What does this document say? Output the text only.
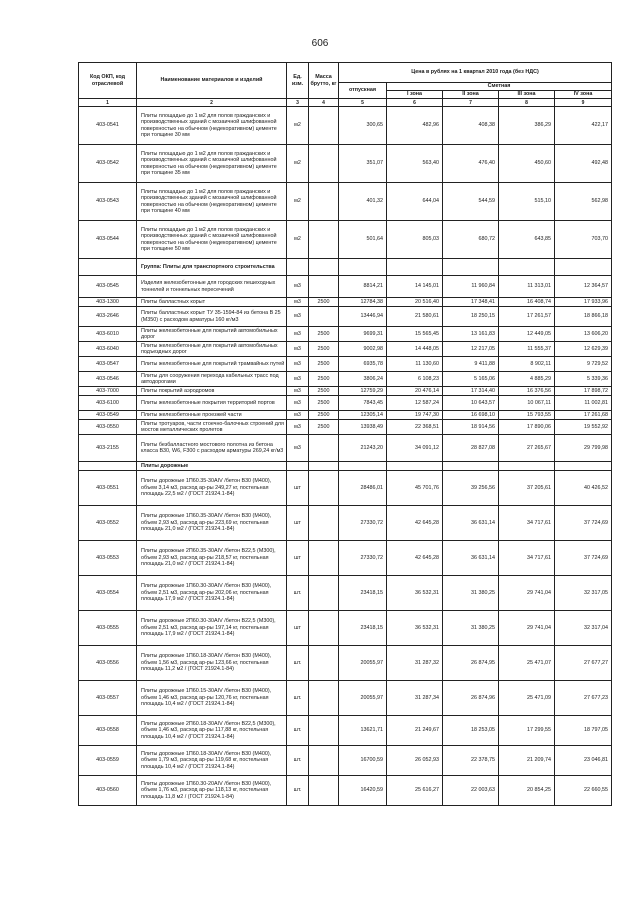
606
Код ОКП, код отраслевой	Наименование материалов и изделий	Ед. изм.	Масса брутто, кг	Цена в рублях на 1 квартал 2010 года (без НДС)				
				отпускная	Сметная			
					I зона	II зона	III зона	IV зона
1	2	3	4	5	6	7	8	9
403-0541	Плиты площадью до 1 м2 для полов гражданских и производственных зданий с мозаичной шлифованной поверхностью на обычном (недекоративном) цементе при толщине 30 мм	м2		300,65	482,96	408,38	386,29	422,17
403-0542	Плиты площадью до 1 м2 для полов гражданских и производственных зданий с мозаичной шлифованной поверхностью на обычном (недекоративном) цементе при толщине 35 мм	м2		351,07	563,40	476,40	450,60	492,48
403-0543	Плиты площадью до 1 м2 для полов гражданских и производственных зданий с мозаичной шлифованной поверхностью на обычном (недекоративном) цементе при толщине 40 мм	м2		401,32	644,04	544,59	515,10	562,98
403-0544	Плиты площадью до 1 м2 для полов гражданских и производственных зданий с мозаичной шлифованной поверхностью на обычном (недекоративном) цементе при толщине 50 мм	м2		501,64	805,03	680,72	643,85	703,70
	Группа: Плиты для транспортного строительства							
403-0545	Изделия железобетонные для городских пешеходных тоннелей и тоннельных пересечений	м3		8814,21	14 145,01	11 960,84	11 313,01	12 364,57
403-1300	Плиты балластных корыт	м3	2500	12784,38	20 516,40	17 348,41	16 408,74	17 933,96
403-2646	Плиты балластных корыт ТУ 35-1594-84 из бетона В 25 (М350) с расходом арматуры 160 кг/м3	м3		13446,94	21 580,61	18 250,15	17 261,57	18 866,18
403-6010	Плиты железобетонные для покрытий автомобильных дорог	м3	2500	9699,31	15 565,45	13 161,83	12 449,05	13 606,20
403-6040	Плиты железобетонные для покрытий автомобильных подъездных дорог	м3	2500	9002,98	14 448,05	12 217,05	11 555,37	12 629,39
403-0547	Плиты железобетонные для покрытий трамвайных путей	м3	2500	6935,78	11 130,60	9 411,88	8 902,11	9 729,52
403-0546	Плиты для сооружения перехода кабельных трасс под автодорогами	м3	2500	3806,24	6 108,23	5 165,06	4 885,29	5 339,36
403-7000	Плиты покрытий аэродромов	м3	2500	12759,29	20 476,14	17 314,40	16 376,56	17 898,72
403-6100	Плиты железобетонные покрытия территорий портов	м3	2500	7843,45	12 587,24	10 643,57	10 067,11	11 002,81
403-0549	Плиты железобетонные проезжей части	м3	2500	12305,14	19 747,30	16 698,10	15 793,55	17 261,68
403-0550	Плиты тротуаров, части стоечно-балочных строений для мостов металлических пролетов	м3	2500	13938,49	22 368,51	18 914,56	17 890,06	19 552,92
403-2155	Плиты безбалластного мостового полотна из бетона класса В30, W6, F300 с расходом арматуры 269,24 кг/м3	м3		21243,20	34 091,12	28 827,08	27 265,67	29 799,98
	Плиты дорожные							
403-0551	Плиты дорожные 1П60.35-30АIV /бетон В30 (М400), объем 3,14 м3, расход ар-ры 249,27 кг, постельная площадь 22,5 м2 / (ГОСТ 21924.1-84)	шт		28486,01	45 701,76	39 256,56	37 205,61	40 426,52
403-0552	Плиты дорожные 1П60.35-30АIV /бетон В30 (М400), объем 2,93 м3, расход ар-ры 223,69 кг, постельная площадь 21,0 м2 / (ГОСТ 21924.1-84)	шт		27330,72	42 645,28	36 631,14	34 717,61	37 724,69
403-0553	Плиты дорожные 2П60.35-30АIV /бетон В22,5 (М300), объем 2,93 м3, расход ар-ры 218,57 кг, постельная площадь 21,0 м2 / (ГОСТ 21924.1-84)	шт		27330,72	42 645,28	36 631,14	34 717,61	37 724,69
403-0554	Плиты дорожные 1П60.30-30АIV /бетон В30 (М400), объем 2,51 м3, расход ар-ры 202,06 кг, постельная площадь 17,9 м2 / (ГОСТ 21924.1-84)	шт.		23418,15	36 532,31	31 380,25	29 741,04	32 317,05
403-0555	Плиты дорожные 2П60.30-30АIV /бетон В22,5 (М300), объем 2,51 м3, расход ар-ры 197,14 кг, постельная площадь 17,9 м2 / (ГОСТ 21924.1-84)	шт		23418,15	36 532,31	31 380,25	29 741,04	32 317,04
403-0556	Плиты дорожные 1П60.18-30АIV /бетон В30 (М400), объем 1,56 м3, расход ар-ры 123,66 кг, постельная площадь 11,2 м2 / (ГОСТ 21924.1-84)	шт.		20055,97	31 287,32	26 874,95	25 471,07	27 677,27
403-0557	Плиты дорожные 1П60.15-30АIV /бетон В30 (М400), объем 1,46 м3, расход ар-ры 120,76 кг, постельная площадь 10,4 м2 / (ГОСТ 21924.1-84)	шт.		20055,97	31 287,34	26 874,96	25 471,09	27 677,23
403-0558	Плиты дорожные 2П60.18-30АIV /бетон В22,5 (М300), объем 1,46 м3, расход ар-ры 117,88 кг, постельная площадь 10,4 м2 / (ГОСТ 21924.1-84)	шт.		13621,71	21 249,67	18 253,05	17 299,55	18 797,05
403-0559	Плиты дорожные 1П60.18-30АIV /бетон В30 (М400), объем 1,79 м3, расход ар-ры 119,68 кг, постельная площадь 10,4 м2 / (ГОСТ 21924.1-84)	шт.		16700,59	26 052,93	22 378,75	21 209,74	23 046,81
403-0560	Плиты дорожные 1П60.30-20АIV /бетон В30 (М400), объем 1,76 м3, расход ар-ры 118,13 кг, постельная площадь 11,8 м2 / (ГОСТ 21924.1-84)	шт.		16420,59	25 616,27	22 003,63	20 854,25	22 660,55
